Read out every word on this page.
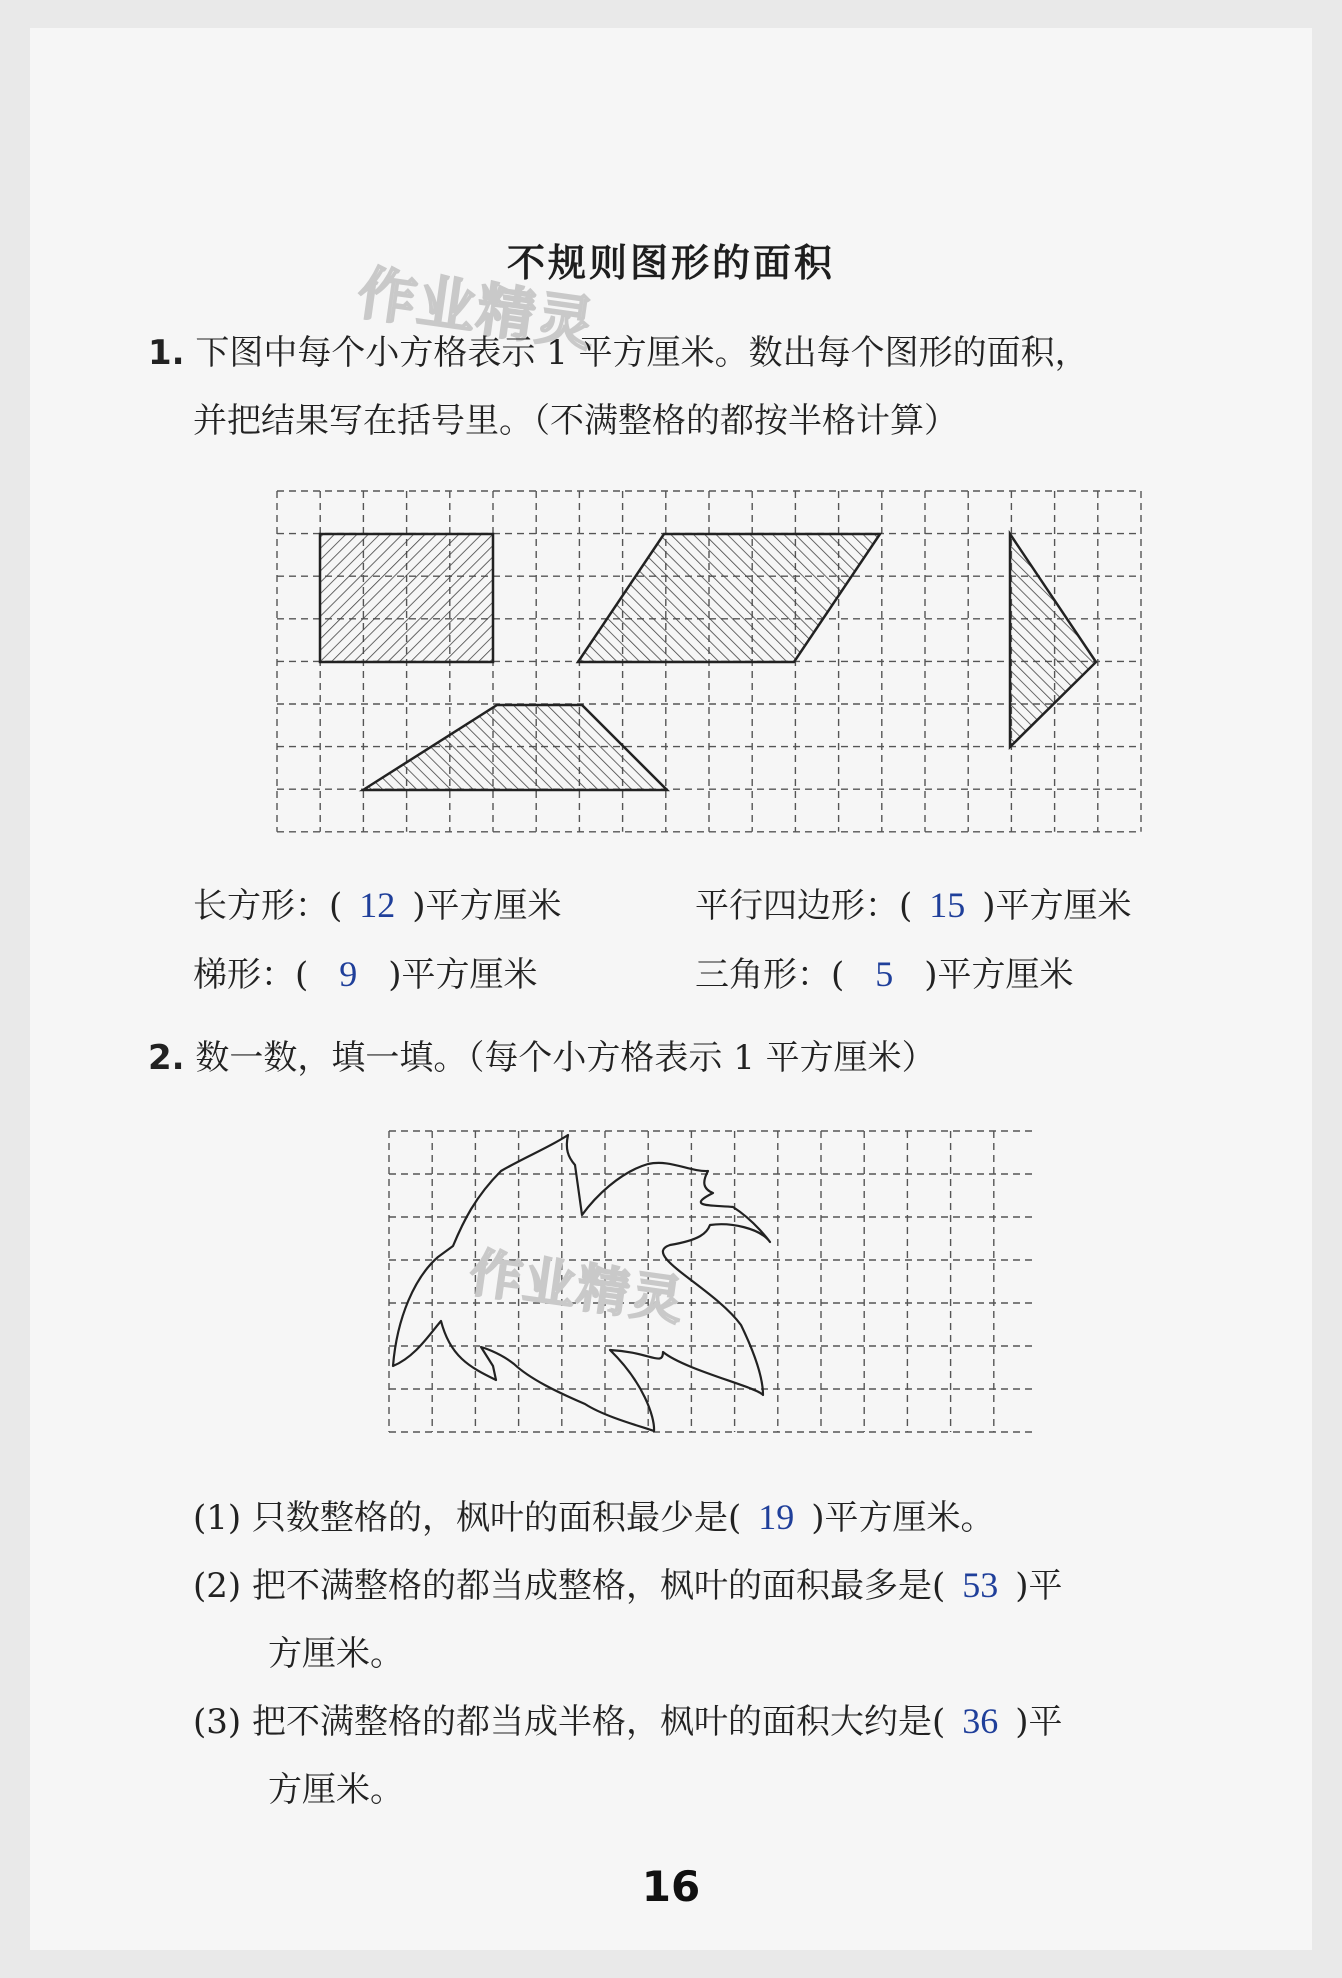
不规则图形的面积
作业精灵
1. 下图中每个小方格表示 1 平方厘米。数出每个图形的面积，
并把结果写在括号里。（不满整格的都按半格计算）
长方形：( 12 )平方厘米	平行四边形：( 15 )平方厘米
梯形：( 9 )平方厘米	三角形：( 5 )平方厘米
2. 数一数，填一填。（每个小方格表示 1 平方厘米）
作业精灵
(1) 只数整格的，枫叶的面积最少是( 19 )平方厘米。
(2) 把不满整格的都当成整格，枫叶的面积最多是( 53 )平
方厘米。
(3) 把不满整格的都当成半格，枫叶的面积大约是( 36 )平
方厘米。
16
